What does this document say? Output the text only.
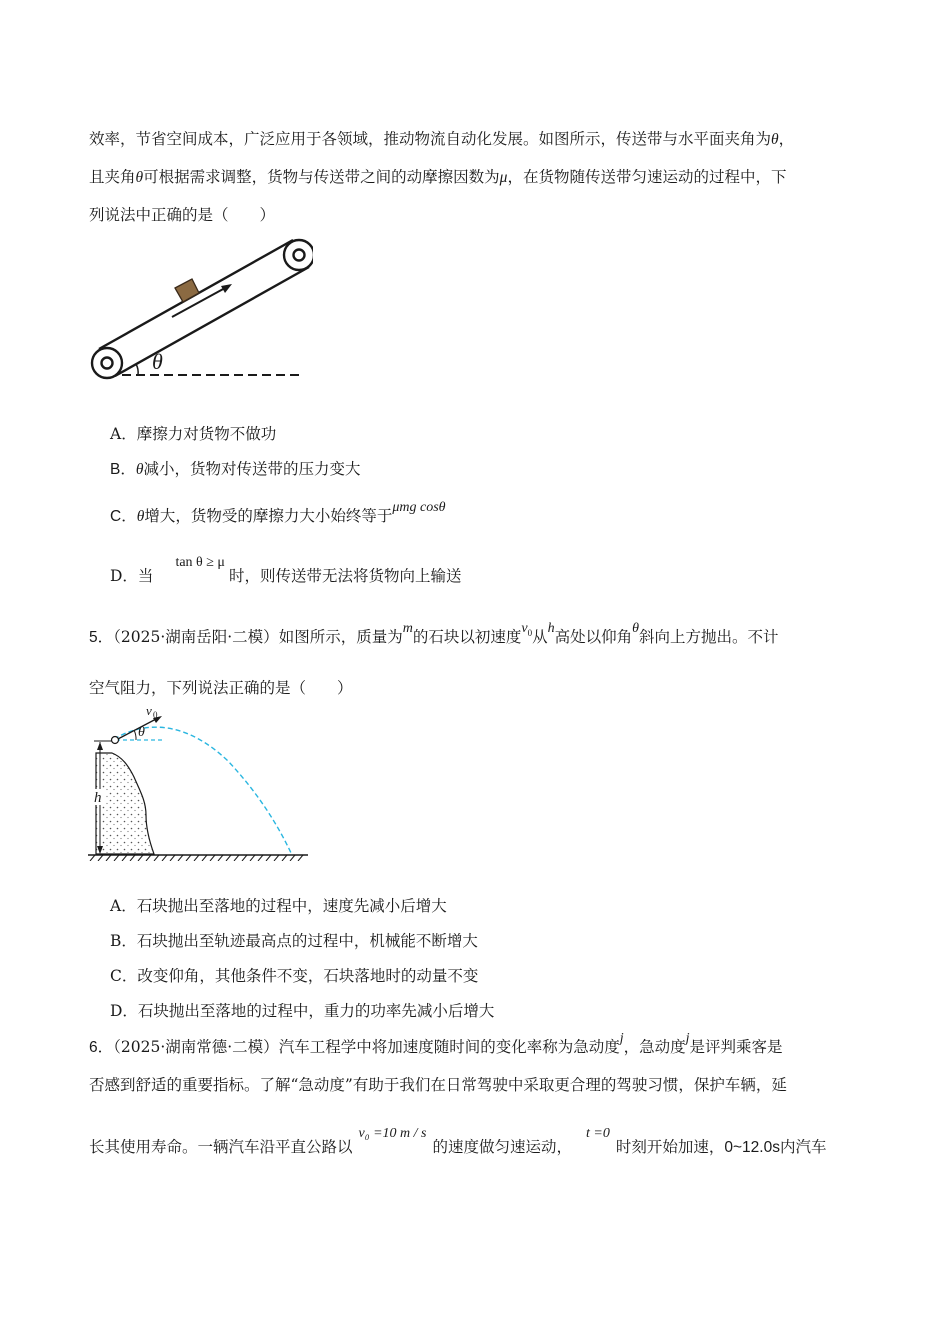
效率，节省空间成本，广泛应用于各领域，推动物流自动化发展。如图所示，传送带与水平面夹角为θ，
且夹角θ可根据需求调整，货物与传送带之间的动摩擦因数为μ，在货物随传送带匀速运动的过程中，下
列说法中正确的是（　　）
θ
A．摩擦力对货物不做功
B．θ减小，货物对传送带的压力变大
C．θ增大，货物受的摩擦力大小始终等于μmg cosθ
D．当tan θ ≥ μ时，则传送带无法将货物向上输送
5．（2025·湖南岳阳·二模）如图所示，质量为m的石块以初速度$v_0$从h高处以仰角θ斜向上方抛出。不计
空气阻力，下列说法正确的是（　　）
θ
v 0
h
A．石块抛出至落地的过程中，速度先减小后增大
B．石块抛出至轨迹最高点的过程中，机械能不断增大
C．改变仰角，其他条件不变，石块落地时的动量不变
D．石块抛出至落地的过程中，重力的功率先减小后增大
6．（2025·湖南常德·二模）汽车工程学中将加速度随时间的变化率称为急动度j，急动度j是评判乘客是
否感到舒适的重要指标。了解“急动度”有助于我们在日常驾驶中采取更合理的驾驶习惯，保护车辆，延
长其使用寿命。一辆汽车沿平直公路以v₀ =10 m / s的速度做匀速运动，t =0时刻开始加速，0~12.0s内汽车
